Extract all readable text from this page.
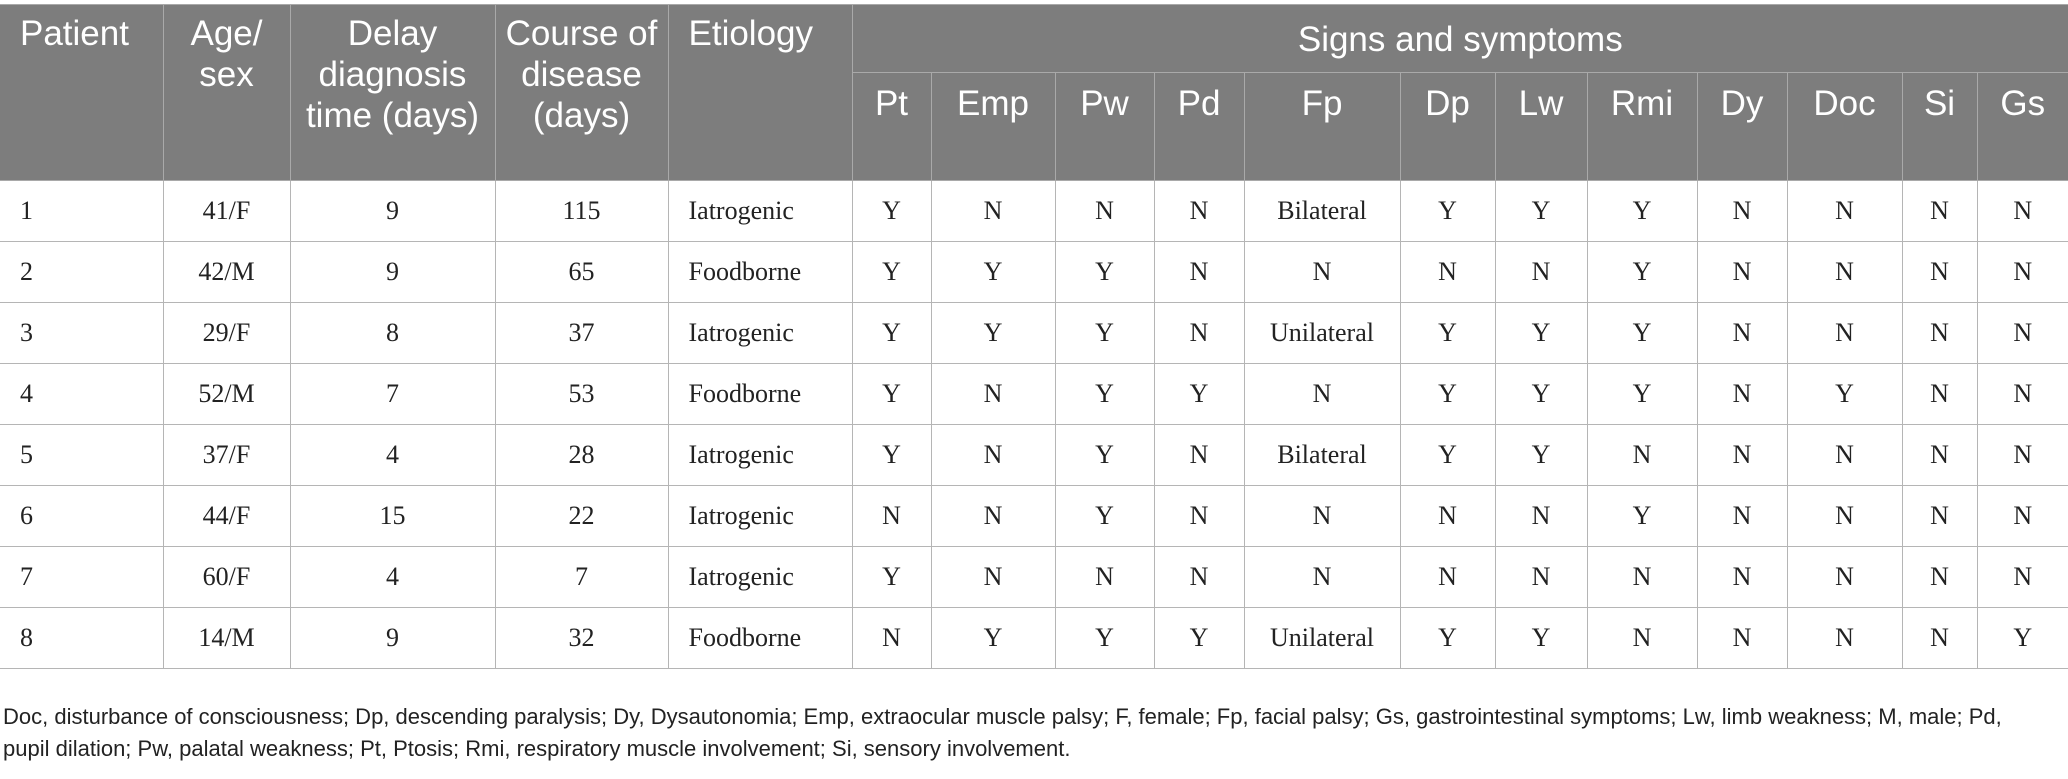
Patient	Age/ sex	Delay diagnosis time (days)	Course of disease (days)	Etiology	Signs and symptoms											
					Pt	Emp	Pw	Pd	Fp	Dp	Lw	Rmi	Dy	Doc	Si	Gs
1	41/F	9	115	Iatrogenic	Y	N	N	N	Bilateral	Y	Y	Y	N	N	N	N
2	42/M	9	65	Foodborne	Y	Y	Y	N	N	N	N	Y	N	N	N	N
3	29/F	8	37	Iatrogenic	Y	Y	Y	N	Unilateral	Y	Y	Y	N	N	N	N
4	52/M	7	53	Foodborne	Y	N	Y	Y	N	Y	Y	Y	N	Y	N	N
5	37/F	4	28	Iatrogenic	Y	N	Y	N	Bilateral	Y	Y	N	N	N	N	N
6	44/F	15	22	Iatrogenic	N	N	Y	N	N	N	N	Y	N	N	N	N
7	60/F	4	7	Iatrogenic	Y	N	N	N	N	N	N	N	N	N	N	N
8	14/M	9	32	Foodborne	N	Y	Y	Y	Unilateral	Y	Y	N	N	N	N	Y
Doc, disturbance of consciousness; Dp, descending paralysis; Dy, Dysautonomia; Emp, extraocular muscle palsy; F, female; Fp, facial palsy; Gs, gastrointestinal symptoms; Lw, limb weakness; M, male; Pd, pupil dilation; Pw, palatal weakness; Pt, Ptosis; Rmi, respiratory muscle involvement; Si, sensory involvement.
